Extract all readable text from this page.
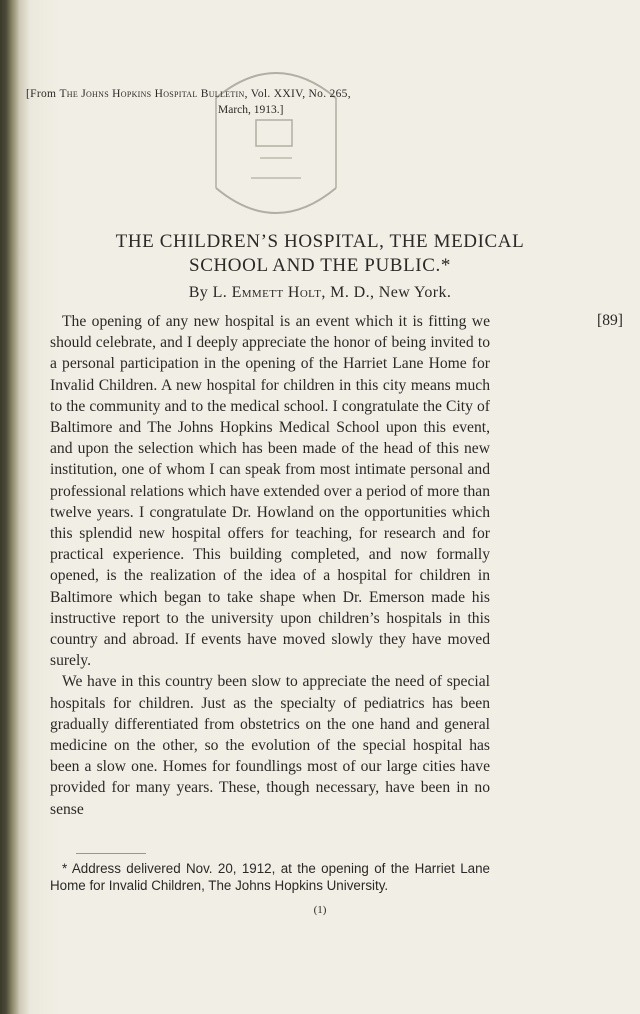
[From The Johns Hopkins Hospital Bulletin, Vol. XXIV, No. 265,
March, 1913.]
THE CHILDREN’S HOSPITAL, THE MEDICAL
SCHOOL AND THE PUBLIC.*
By L. Emmett Holt, M. D., New York.
[89]

The opening of any new hospital is an event which it is fitting we should celebrate, and I deeply appreciate the honor of being invited to a personal participation in the opening of the Harriet Lane Home for Invalid Children. A new hospital for children in this city means much to the community and to the medical school. I congratulate the City of Baltimore and The Johns Hopkins Medical School upon this event, and upon the selection which has been made of the head of this new institution, one of whom I can speak from most intimate personal and professional relations which have extended over a period of more than twelve years. I congratulate Dr. Howland on the opportunities which this splendid new hospital offers for teaching, for research and for practical experience. This building completed, and now formally opened, is the realization of the idea of a hospital for children in Baltimore which began to take shape when Dr. Emerson made his instructive report to the university upon children’s hospitals in this country and abroad. If events have moved slowly they have moved surely.

We have in this country been slow to appreciate the need of special hospitals for children. Just as the specialty of pediatrics has been gradually differentiated from obstetrics on the one hand and general medicine on the other, so the evolution of the special hospital has been a slow one. Homes for foundlings most of our large cities have provided for many years. These, though necessary, have been in no sense

* Address delivered Nov. 20, 1912, at the opening of the Harriet Lane Home for Invalid Children, The Johns Hopkins University.
(1)
